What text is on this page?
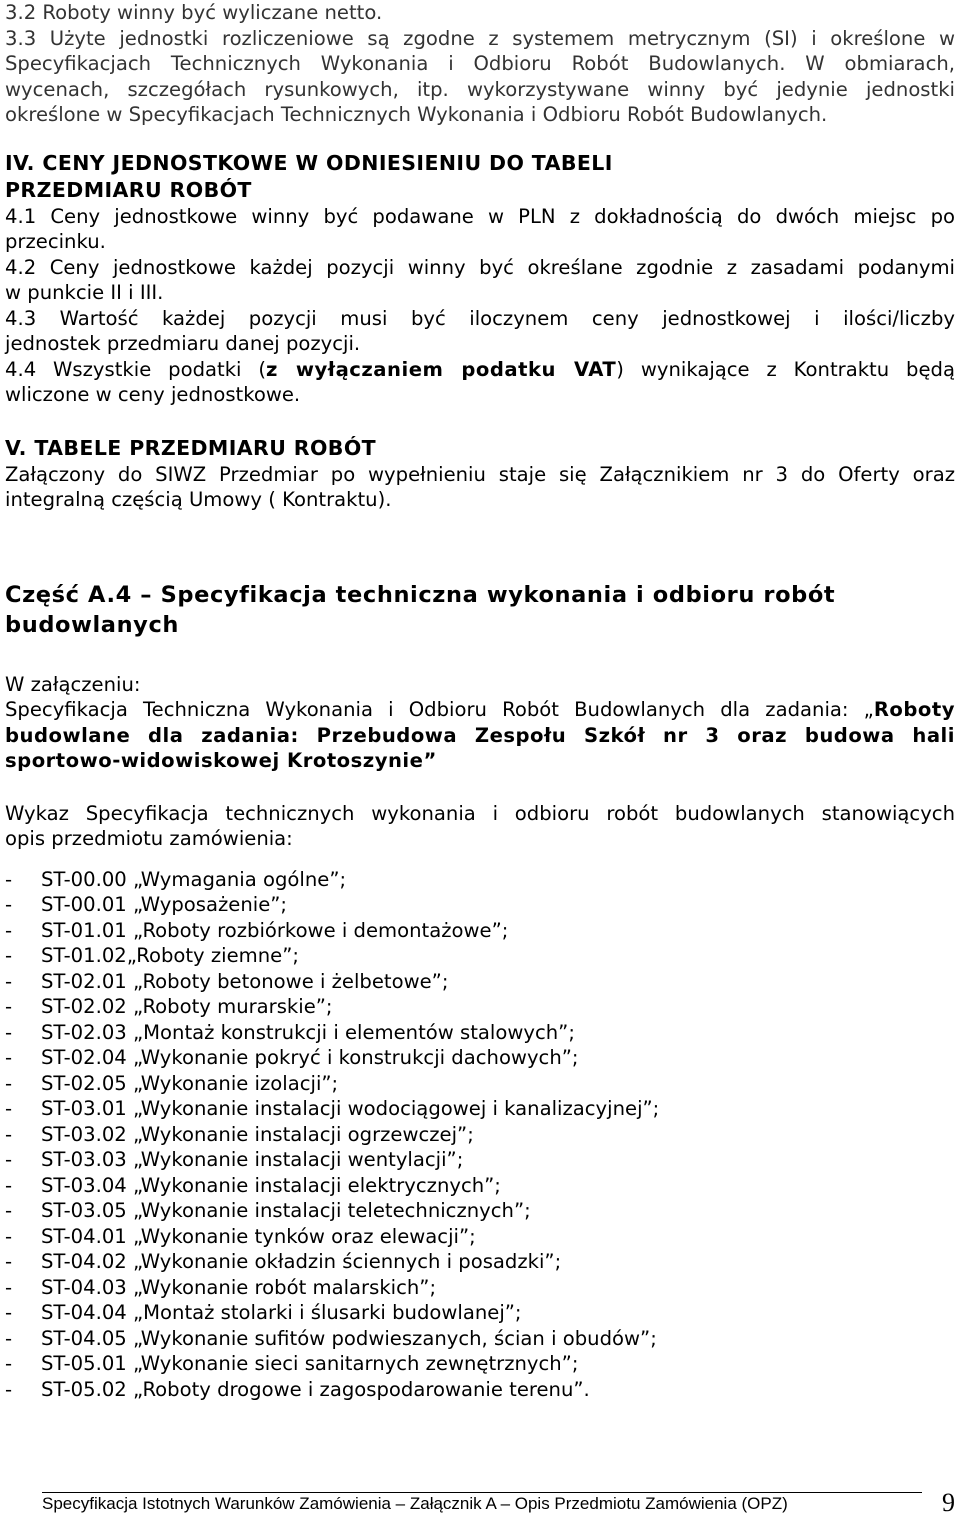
3.2 Roboty winny być wyliczane netto.

3.3 Użyte jednostki rozliczeniowe są zgodne z systemem metrycznym (SI) i określone w

Specyfikacjach Technicznych Wykonania i Odbioru Robót Budowlanych. W obmiarach,

wycenach, szczegółach rysunkowych, itp. wykorzystywane winny być jedynie jednostki

określone w Specyfikacjach Technicznych Wykonania i Odbioru Robót Budowlanych.

IV. CENY JEDNOSTKOWE W ODNIESIENIU DO TABELI

PRZEDMIARU ROBÓT

4.1 Ceny jednostkowe winny być podawane w PLN z dokładnością do dwóch miejsc po

przecinku.

4.2 Ceny jednostkowe każdej pozycji winny być określane zgodnie z zasadami podanymi

w punkcie II i III.

4.3 Wartość każdej pozycji musi być iloczynem ceny jednostkowej i ilości/liczby

jednostek przedmiaru danej pozycji.

4.4 Wszystkie podatki (z wyłączaniem podatku VAT) wynikające z Kontraktu będą

wliczone w ceny jednostkowe.

V. TABELE PRZEDMIARU ROBÓT

Załączony do SIWZ Przedmiar po wypełnieniu staje się Załącznikiem nr 3 do Oferty oraz

integralną częścią Umowy ( Kontraktu).

Część A.4 – Specyfikacja techniczna wykonania i odbioru robót

budowlanych

W załączeniu:

Specyfikacja Techniczna Wykonania i Odbioru Robót Budowlanych dla zadania: „Roboty

budowlane dla zadania: Przebudowa Zespołu Szkół nr 3 oraz budowa hali

sportowo-widowiskowej Krotoszynie”

Wykaz Specyfikacja technicznych wykonania i odbioru robót budowlanych stanowiących

opis przedmiotu zamówienia:

- ST-00.00 „Wymagania ogólne”;
- ST-00.01 „Wyposażenie”;
- ST-01.01 „Roboty rozbiórkowe i demontażowe”;
- ST-01.02„Roboty ziemne”;
- ST-02.01 „Roboty betonowe i żelbetowe”;
- ST-02.02 „Roboty murarskie”;
- ST-02.03 „Montaż konstrukcji i elementów stalowych”;
- ST-02.04 „Wykonanie pokryć i konstrukcji dachowych”;
- ST-02.05 „Wykonanie izolacji”;
- ST-03.01 „Wykonanie instalacji wodociągowej i kanalizacyjnej”;
- ST-03.02 „Wykonanie instalacji ogrzewczej”;
- ST-03.03 „Wykonanie instalacji wentylacji”;
- ST-03.04 „Wykonanie instalacji elektrycznych”;
- ST-03.05 „Wykonanie instalacji teletechnicznych”;
- ST-04.01 „Wykonanie tynków oraz elewacji”;
- ST-04.02 „Wykonanie okładzin ściennych i posadzki”;
- ST-04.03 „Wykonanie robót malarskich”;
- ST-04.04 „Montaż stolarki i ślusarki budowlanej”;
- ST-04.05 „Wykonanie sufitów podwieszanych, ścian i obudów”;
- ST-05.01 „Wykonanie sieci sanitarnych zewnętrznych”;
- ST-05.02 „Roboty drogowe i zagospodarowanie terenu”.
Specyfikacja Istotnych Warunków Zamówienia – Załącznik A – Opis Przedmiotu Zamówienia (OPZ)	9
